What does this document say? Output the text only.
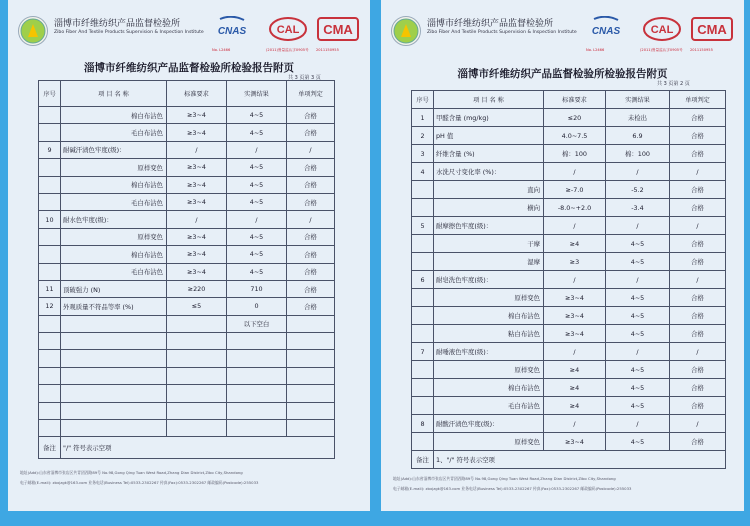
淄博市纤维纺织产品监督检验所
Zibo Fiber And Textile Products Supervision & Inspection Institute CNAS	CAL CMA
No. L2466	(2011)鲁量监认字0905号 2011150955
淄博市纤维纺织产品监督检验所检验报告附页
共 3 页第 3 页
序号	项 目 名 称	标准要求	实测结果	单项判定
	棉白布沾色	≥3~4	4~5	合格
	毛白布沾色	≥3~4	4~5	合格
9	耐碱汗渍色牢度(级)：	/	/	/
	原样变色	≥3~4	4~5	合格
	棉白布沾色	≥3~4	4~5	合格
	毛白布沾色	≥3~4	4~5	合格
10	耐水色牢度(级)：	/	/	/
	原样变色	≥3~4	4~5	合格
	棉白布沾色	≥3~4	4~5	合格
	毛白布沾色	≥3~4	4~5	合格
11	顶破强力 (N)	≥220	710	合格
12	外观质量不符品等率 (%)	≤5	0	合格
			以下空白	

备注	"/" 符号表示空项			
地址(Add):山东省淄博市张店区共青团西路89号 No.98,Gong Qing Tuan West Road,Zhang Dian District,Zibo City,Shandong
电子邮箱(E-mail): zbxjzgk@163.com 业务电话(Business Tel):0533-2302267 传真(Fax):0533-2302267 邮政编码(Postcode):255033
淄博市纤维纺织产品监督检验所
Zibo Fiber And Textile Products Supervision & Inspection Institute CNAS	CAL CMA
No. L2466	(2011)鲁量监认字0905号 2011150955
淄博市纤维纺织产品监督检验所检验报告附页
共 3 页第 2 页
序号	项 目 名 称	标准要求	实测结果	单项判定
1	甲醛含量 (mg/kg)	≤20	未检出	合格
2	pH 值	4.0~7.5	6.9	合格
3	纤维含量 (%)	棉：100	棉：100	合格
4	水洗尺寸变化率 (%)：	/	/	/
	直向	≥-7.0	-5.2	合格
	横向	-8.0~+2.0	-3.4	合格
5	耐摩擦色牢度(级)：	/	/	/
	干摩	≥4	4~5	合格
	湿摩	≥3	4~5	合格
6	耐皂洗色牢度(级)：	/	/	/
	原样变色	≥3~4	4~5	合格
	棉白布沾色	≥3~4	4~5	合格
	粘白布沾色	≥3~4	4~5	合格
7	耐唾液色牢度(级)：	/	/	/
	原样变色	≥4	4~5	合格
	棉白布沾色	≥4	4~5	合格
	毛白布沾色	≥4	4~5	合格
8	耐酸汗渍色牢度(级)：	/	/	/
	原样变色	≥3~4	4~5	合格
备注	1、"/" 符号表示空项			
地址(Add):山东省淄博市张店区共青团西路89号 No.98,Gong Qing Tuan West Road,Zhang Dian District,Zibo City,Shandong
电子邮箱(E-mail): zbxjzgk@163.com 业务电话(Business Tel):0533-2302267 传真(Fax):0533-2302267 邮政编码(Postcode):255033
